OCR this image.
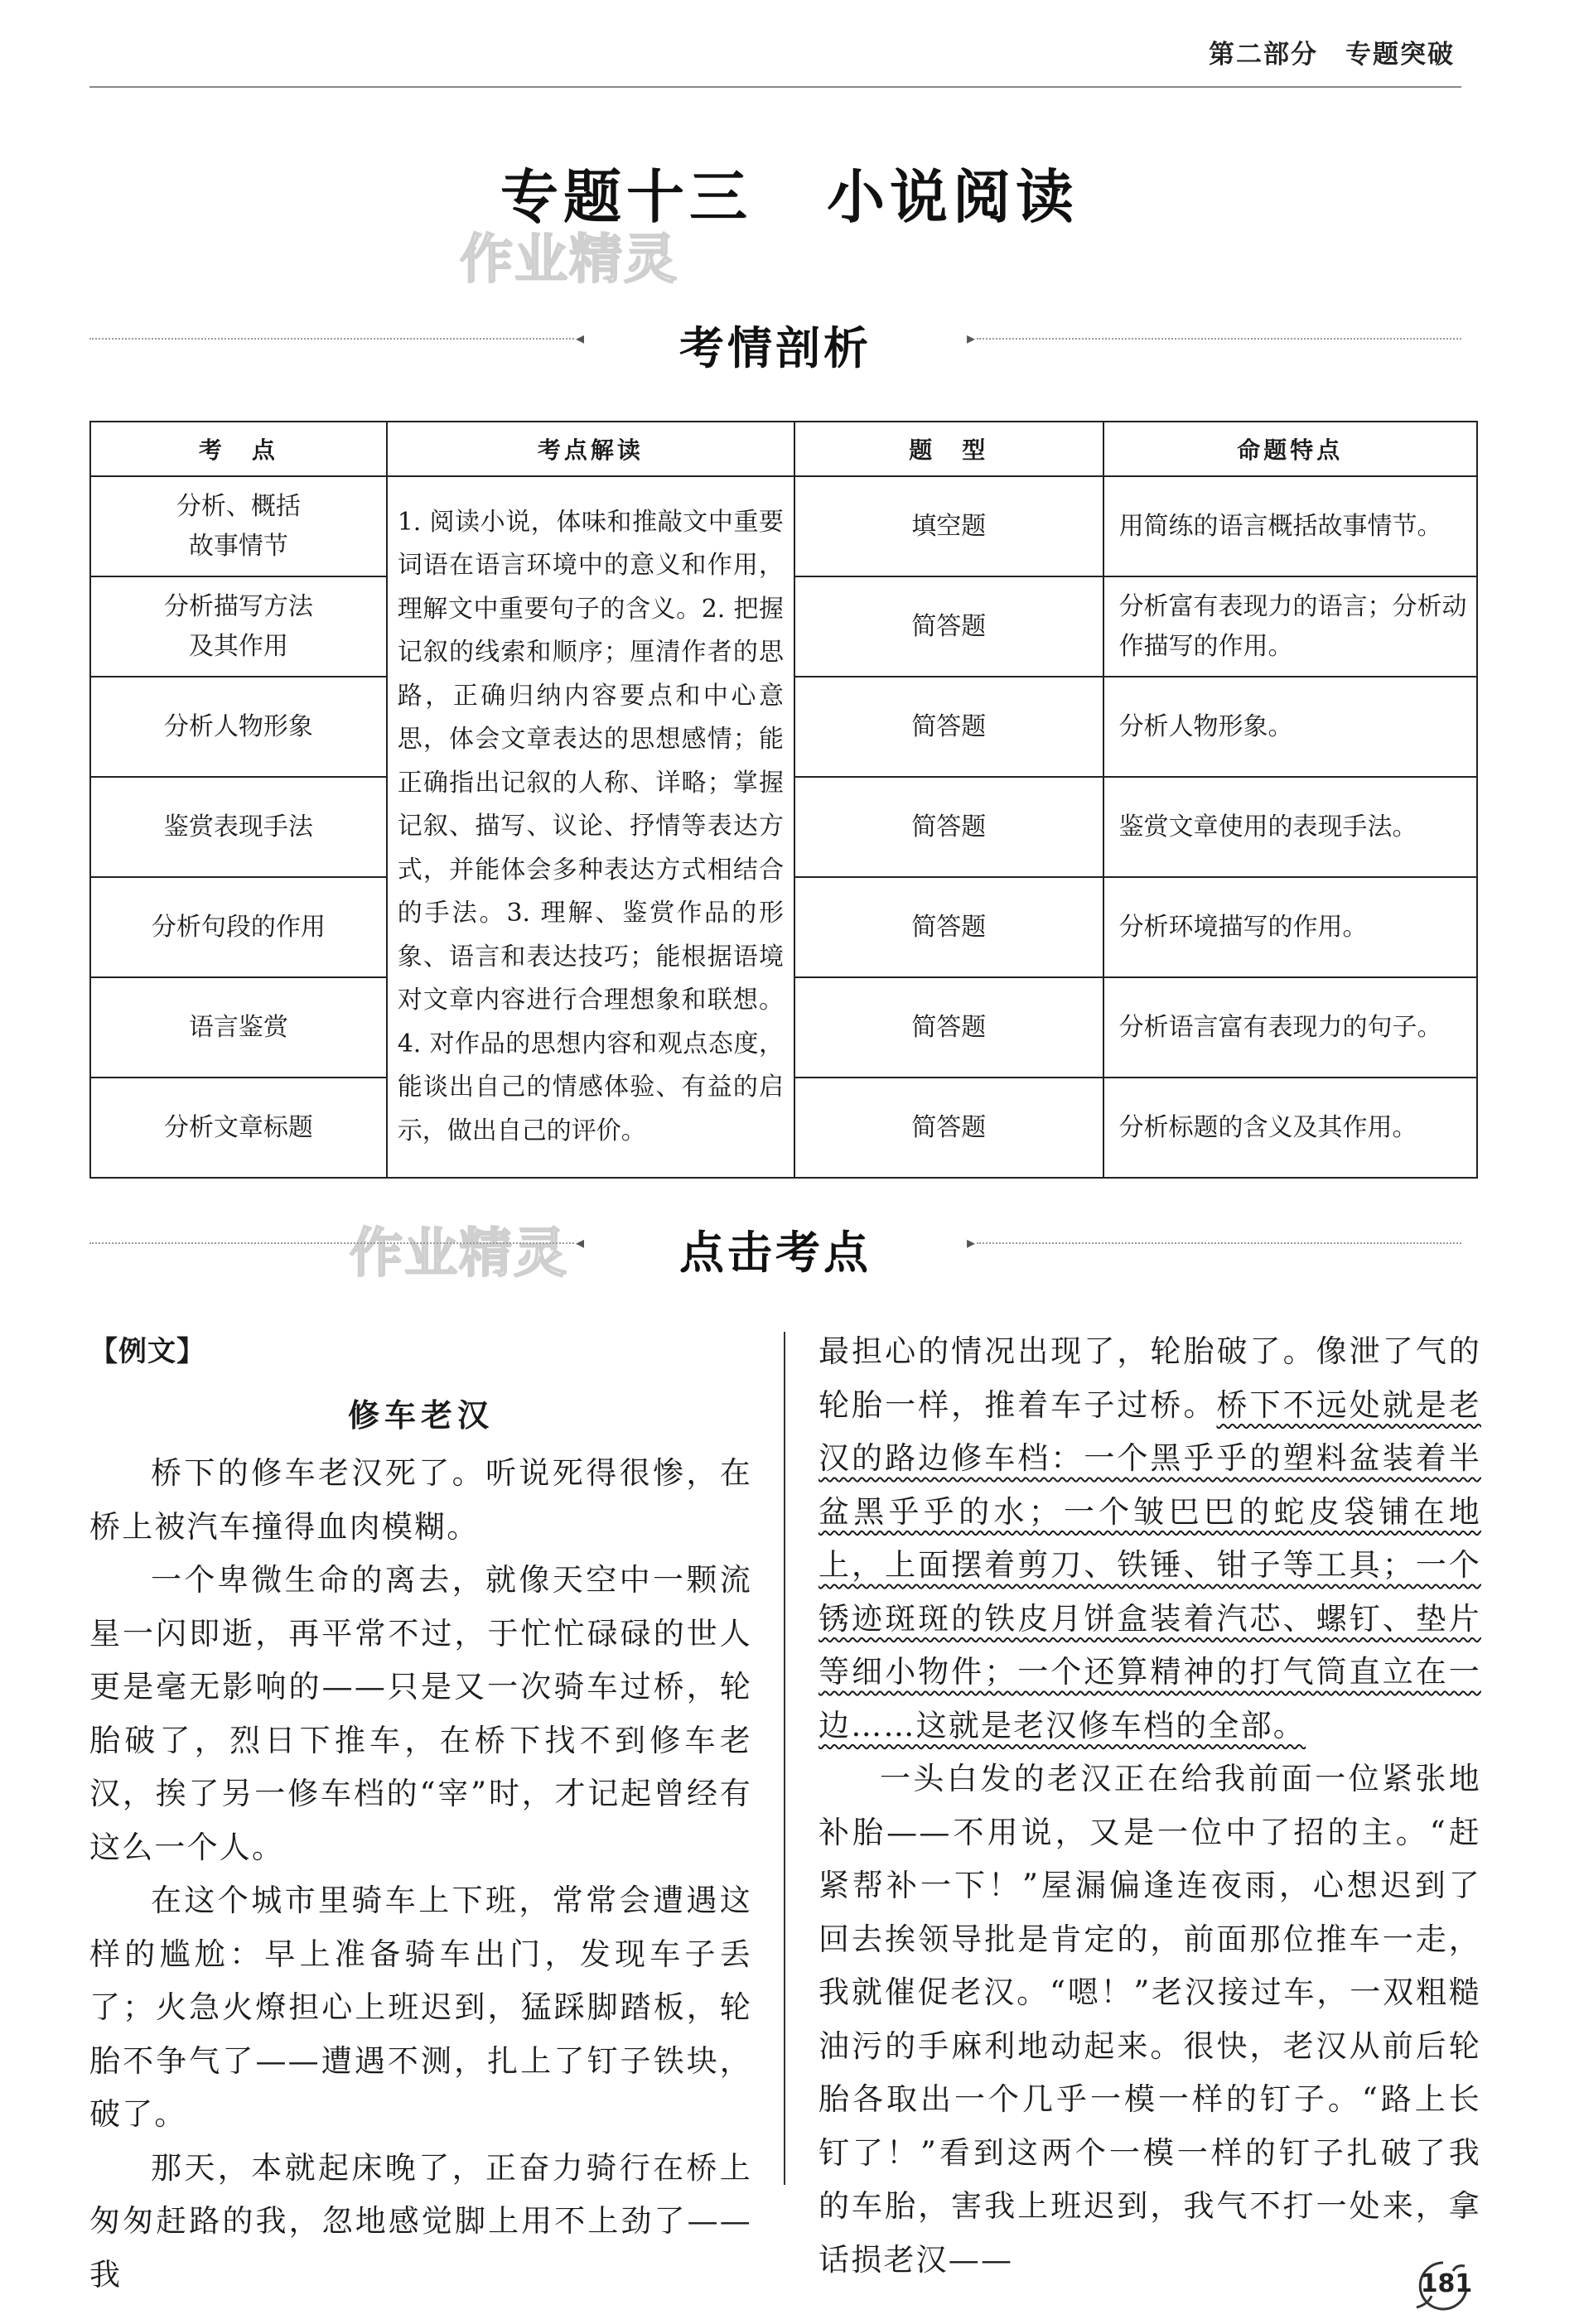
第二部分　专题突破
专题十三 小说阅读
作业精灵
◂	考情剖析	▸
考　点	考点解读	题　型	命题特点
分析、概括故事情节	1. 阅读小说，体味和推敲文中重要词语在语言环境中的意义和作用，理解文中重要句子的含义。2. 把握记叙的线索和顺序；厘清作者的思路，正确归纳内容要点和中心意思，体会文章表达的思想感情；能正确指出记叙的人称、详略；掌握记叙、描写、议论、抒情等表达方式，并能体会多种表达方式相结合的手法。3. 理解、鉴赏作品的形象、语言和表达技巧；能根据语境对文章内容进行合理想象和联想。4. 对作品的思想内容和观点态度，能谈出自己的情感体验、有益的启示，做出自己的评价。	填空题	用简练的语言概括故事情节。
分析描写方法及其作用		简答题	分析富有表现力的语言；分析动作描写的作用。
分析人物形象		简答题	分析人物形象。
鉴赏表现手法		简答题	鉴赏文章使用的表现手法。
分析句段的作用		简答题	分析环境描写的作用。
语言鉴赏		简答题	分析语言富有表现力的句子。
分析文章标题		简答题	分析标题的含义及其作用。
作业精灵 ◂	点击考点	▸

【例文】

修车老汉

桥下的修车老汉死了。听说死得很惨，在桥上被汽车撞得血肉模糊。

一个卑微生命的离去，就像天空中一颗流星一闪即逝，再平常不过，于忙忙碌碌的世人更是毫无影响的——只是又一次骑车过桥，轮胎破了，烈日下推车，在桥下找不到修车老汉，挨了另一修车档的“宰”时，才记起曾经有这么一个人。

在这个城市里骑车上下班，常常会遭遇这样的尴尬：早上准备骑车出门，发现车子丢了；火急火燎担心上班迟到，猛踩脚踏板，轮胎不争气了——遭遇不测，扎上了钉子铁块，破了。

那天，本就起床晚了，正奋力骑行在桥上匆匆赶路的我，忽地感觉脚上用不上劲了——我

最担心的情况出现了，轮胎破了。像泄了气的轮胎一样，推着车子过桥。桥下不远处就是老汉的路边修车档：一个黑乎乎的塑料盆装着半盆黑乎乎的水；一个皱巴巴的蛇皮袋铺在地上，上面摆着剪刀、铁锤、钳子等工具；一个锈迹斑斑的铁皮月饼盒装着汽芯、螺钉、垫片等细小物件；一个还算精神的打气筒直立在一边……这就是老汉修车档的全部。

一头白发的老汉正在给我前面一位紧张地补胎——不用说，又是一位中了招的主。“赶紧帮补一下！”屋漏偏逢连夜雨，心想迟到了回去挨领导批是肯定的，前面那位推车一走，我就催促老汉。“嗯！”老汉接过车，一双粗糙油污的手麻利地动起来。很快，老汉从前后轮胎各取出一个几乎一模一样的钉子。“路上长钉了！”看到这两个一模一样的钉子扎破了我的车胎，害我上班迟到，我气不打一处来，拿话损老汉——

181
